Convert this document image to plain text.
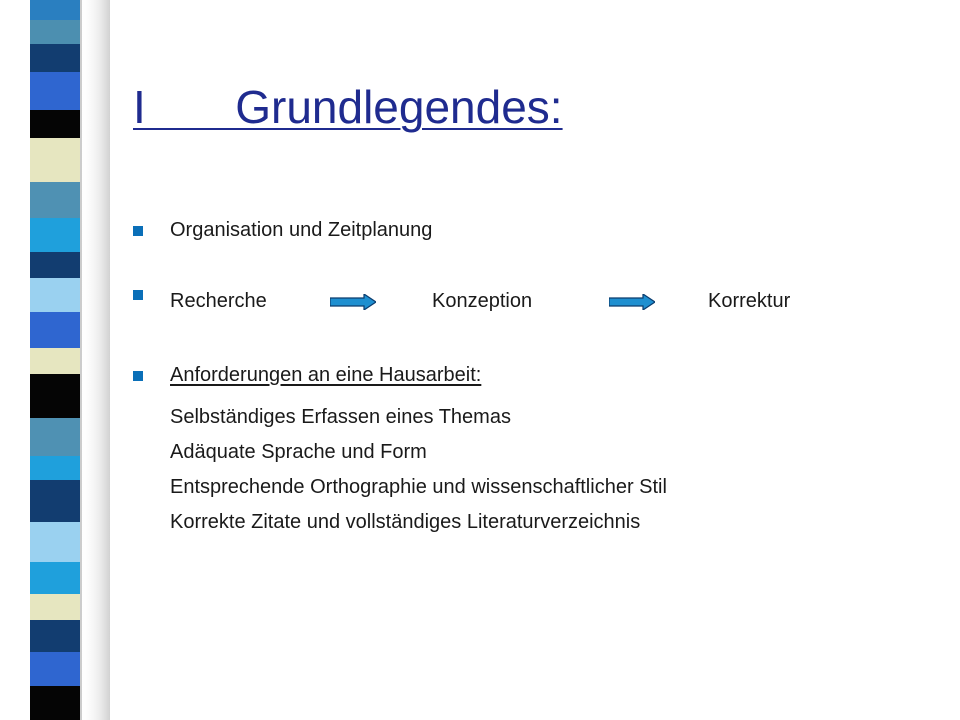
I       Grundlegendes:
Organisation und Zeitplanung
Recherche	Konzeption	Korrektur
Anforderungen an eine Hausarbeit:
Selbständiges Erfassen eines Themas
Adäquate Sprache und Form
Entsprechende Orthographie und wissenschaftlicher Stil
Korrekte Zitate und vollständiges Literaturverzeichnis
